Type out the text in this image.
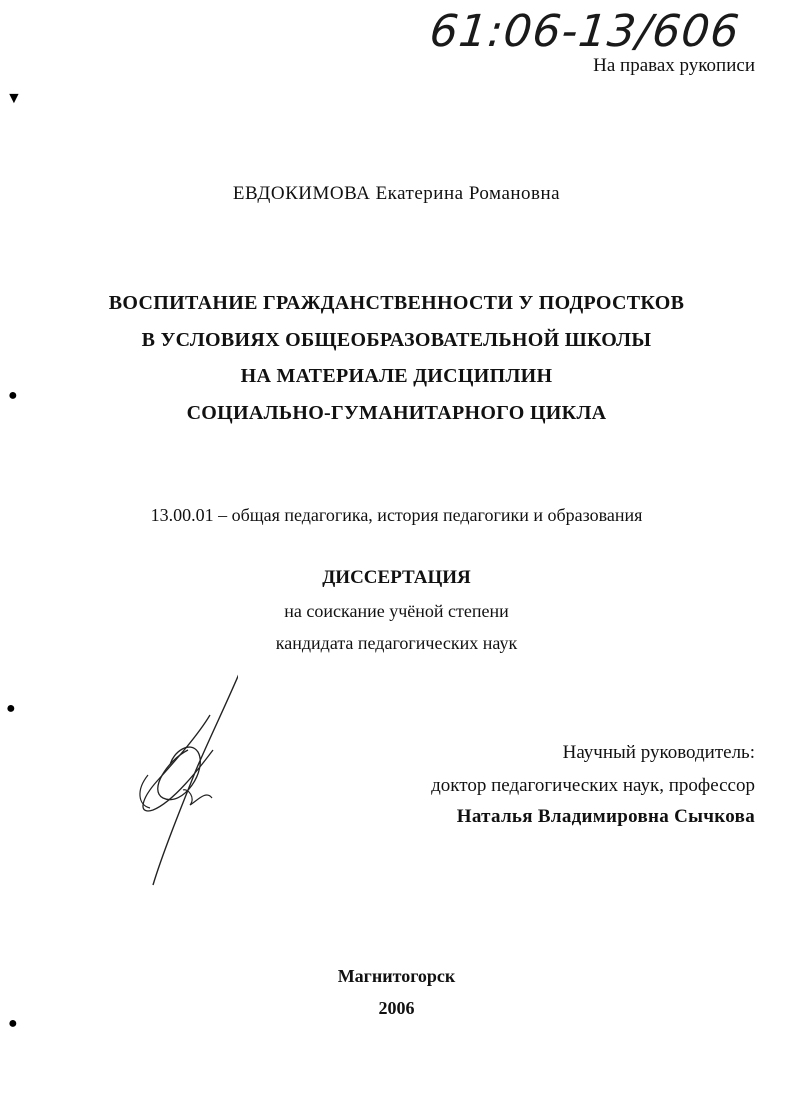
61:06-13/606
На правах рукописи
▼
●
●
●
ЕВДОКИМОВА Екатерина Романовна
ВОСПИТАНИЕ ГРАЖДАНСТВЕННОСТИ У ПОДРОСТКОВ
В УСЛОВИЯХ ОБЩЕОБРАЗОВАТЕЛЬНОЙ ШКОЛЫ
НА МАТЕРИАЛЕ ДИСЦИПЛИН
СОЦИАЛЬНО-ГУМАНИТАРНОГО ЦИКЛА
13.00.01 – общая педагогика, история педагогики и образования
ДИССЕРТАЦИЯ
на соискание учёной степени
кандидата педагогических наук
Научный руководитель:
доктор педагогических наук, профессор
Наталья Владимировна Сычкова
Магнитогорск
2006
